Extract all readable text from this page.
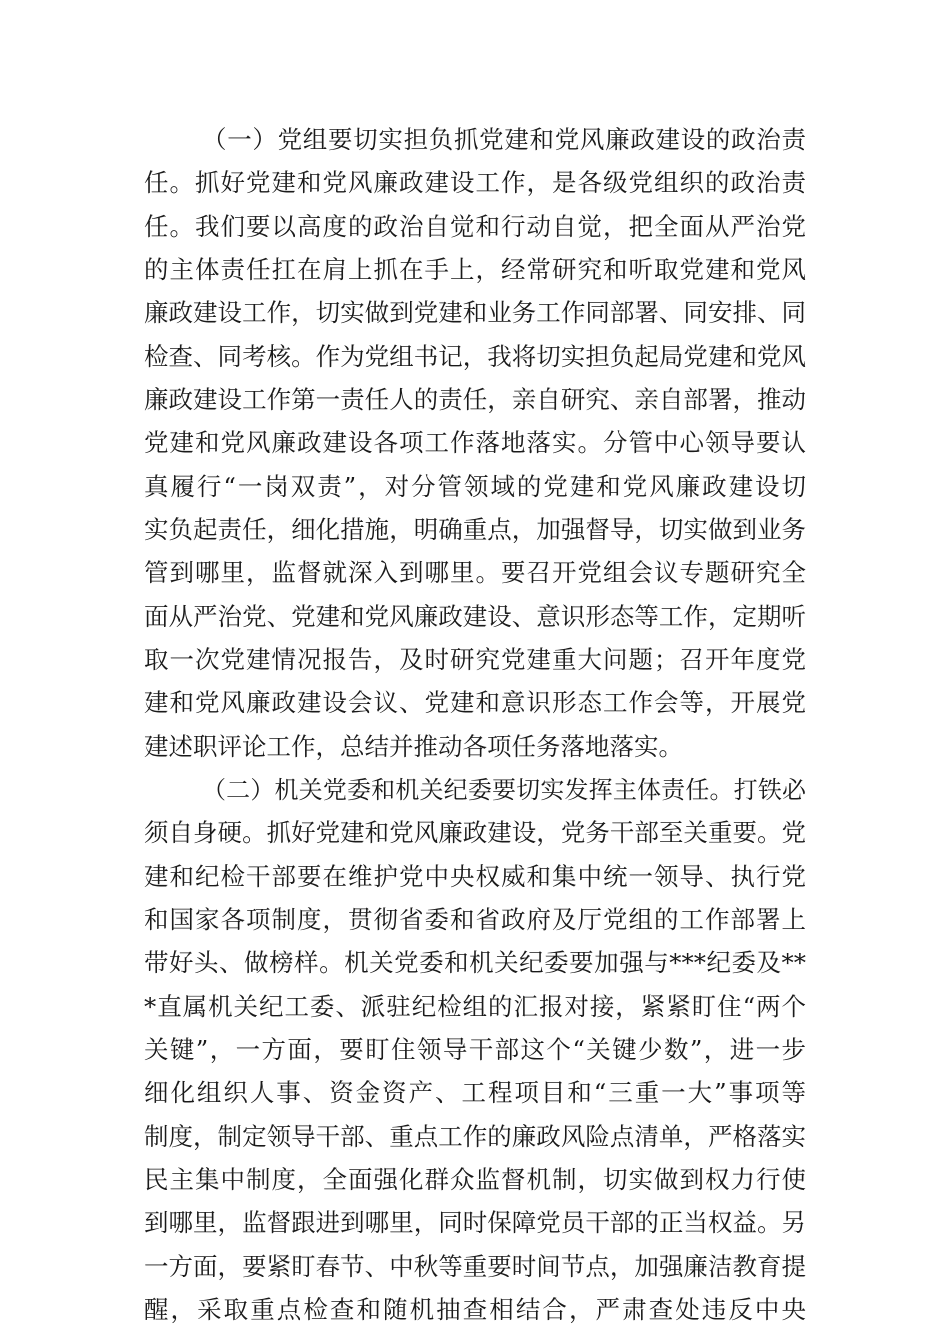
（一）党组要切实担负抓党建和党风廉政建设的政治责
任。抓好党建和党风廉政建设工作，是各级党组织的政治责
任。我们要以高度的政治自觉和行动自觉，把全面从严治党
的主体责任扛在肩上抓在手上，经常研究和听取党建和党风
廉政建设工作，切实做到党建和业务工作同部署、同安排、同
检查、同考核。作为党组书记，我将切实担负起局党建和党风
廉政建设工作第一责任人的责任，亲自研究、亲自部署，推动
党建和党风廉政建设各项工作落地落实。分管中心领导要认
真履行“一岗双责”，对分管领域的党建和党风廉政建设切
实负起责任，细化措施，明确重点，加强督导，切实做到业务
管到哪里，监督就深入到哪里。要召开党组会议专题研究全
面从严治党、党建和党风廉政建设、意识形态等工作，定期听
取一次党建情况报告，及时研究党建重大问题；召开年度党
建和党风廉政建设会议、党建和意识形态工作会等，开展党
建述职评论工作，总结并推动各项任务落地落实。
（二）机关党委和机关纪委要切实发挥主体责任。打铁必
须自身硬。抓好党建和党风廉政建设，党务干部至关重要。党
建和纪检干部要在维护党中央权威和集中统一领导、执行党
和国家各项制度，贯彻省委和省政府及厅党组的工作部署上
带好头、做榜样。机关党委和机关纪委要加强与***纪委及**
*直属机关纪工委、派驻纪检组的汇报对接，紧紧盯住“两个
关键”，一方面，要盯住领导干部这个“关键少数”，进一步
细化组织人事、资金资产、工程项目和“三重一大”事项等
制度，制定领导干部、重点工作的廉政风险点清单，严格落实
民主集中制度，全面强化群众监督机制，切实做到权力行使
到哪里，监督跟进到哪里，同时保障党员干部的正当权益。另
一方面，要紧盯春节、中秋等重要时间节点，加强廉洁教育提
醒，采取重点检查和随机抽查相结合，严肃查处违反中央
